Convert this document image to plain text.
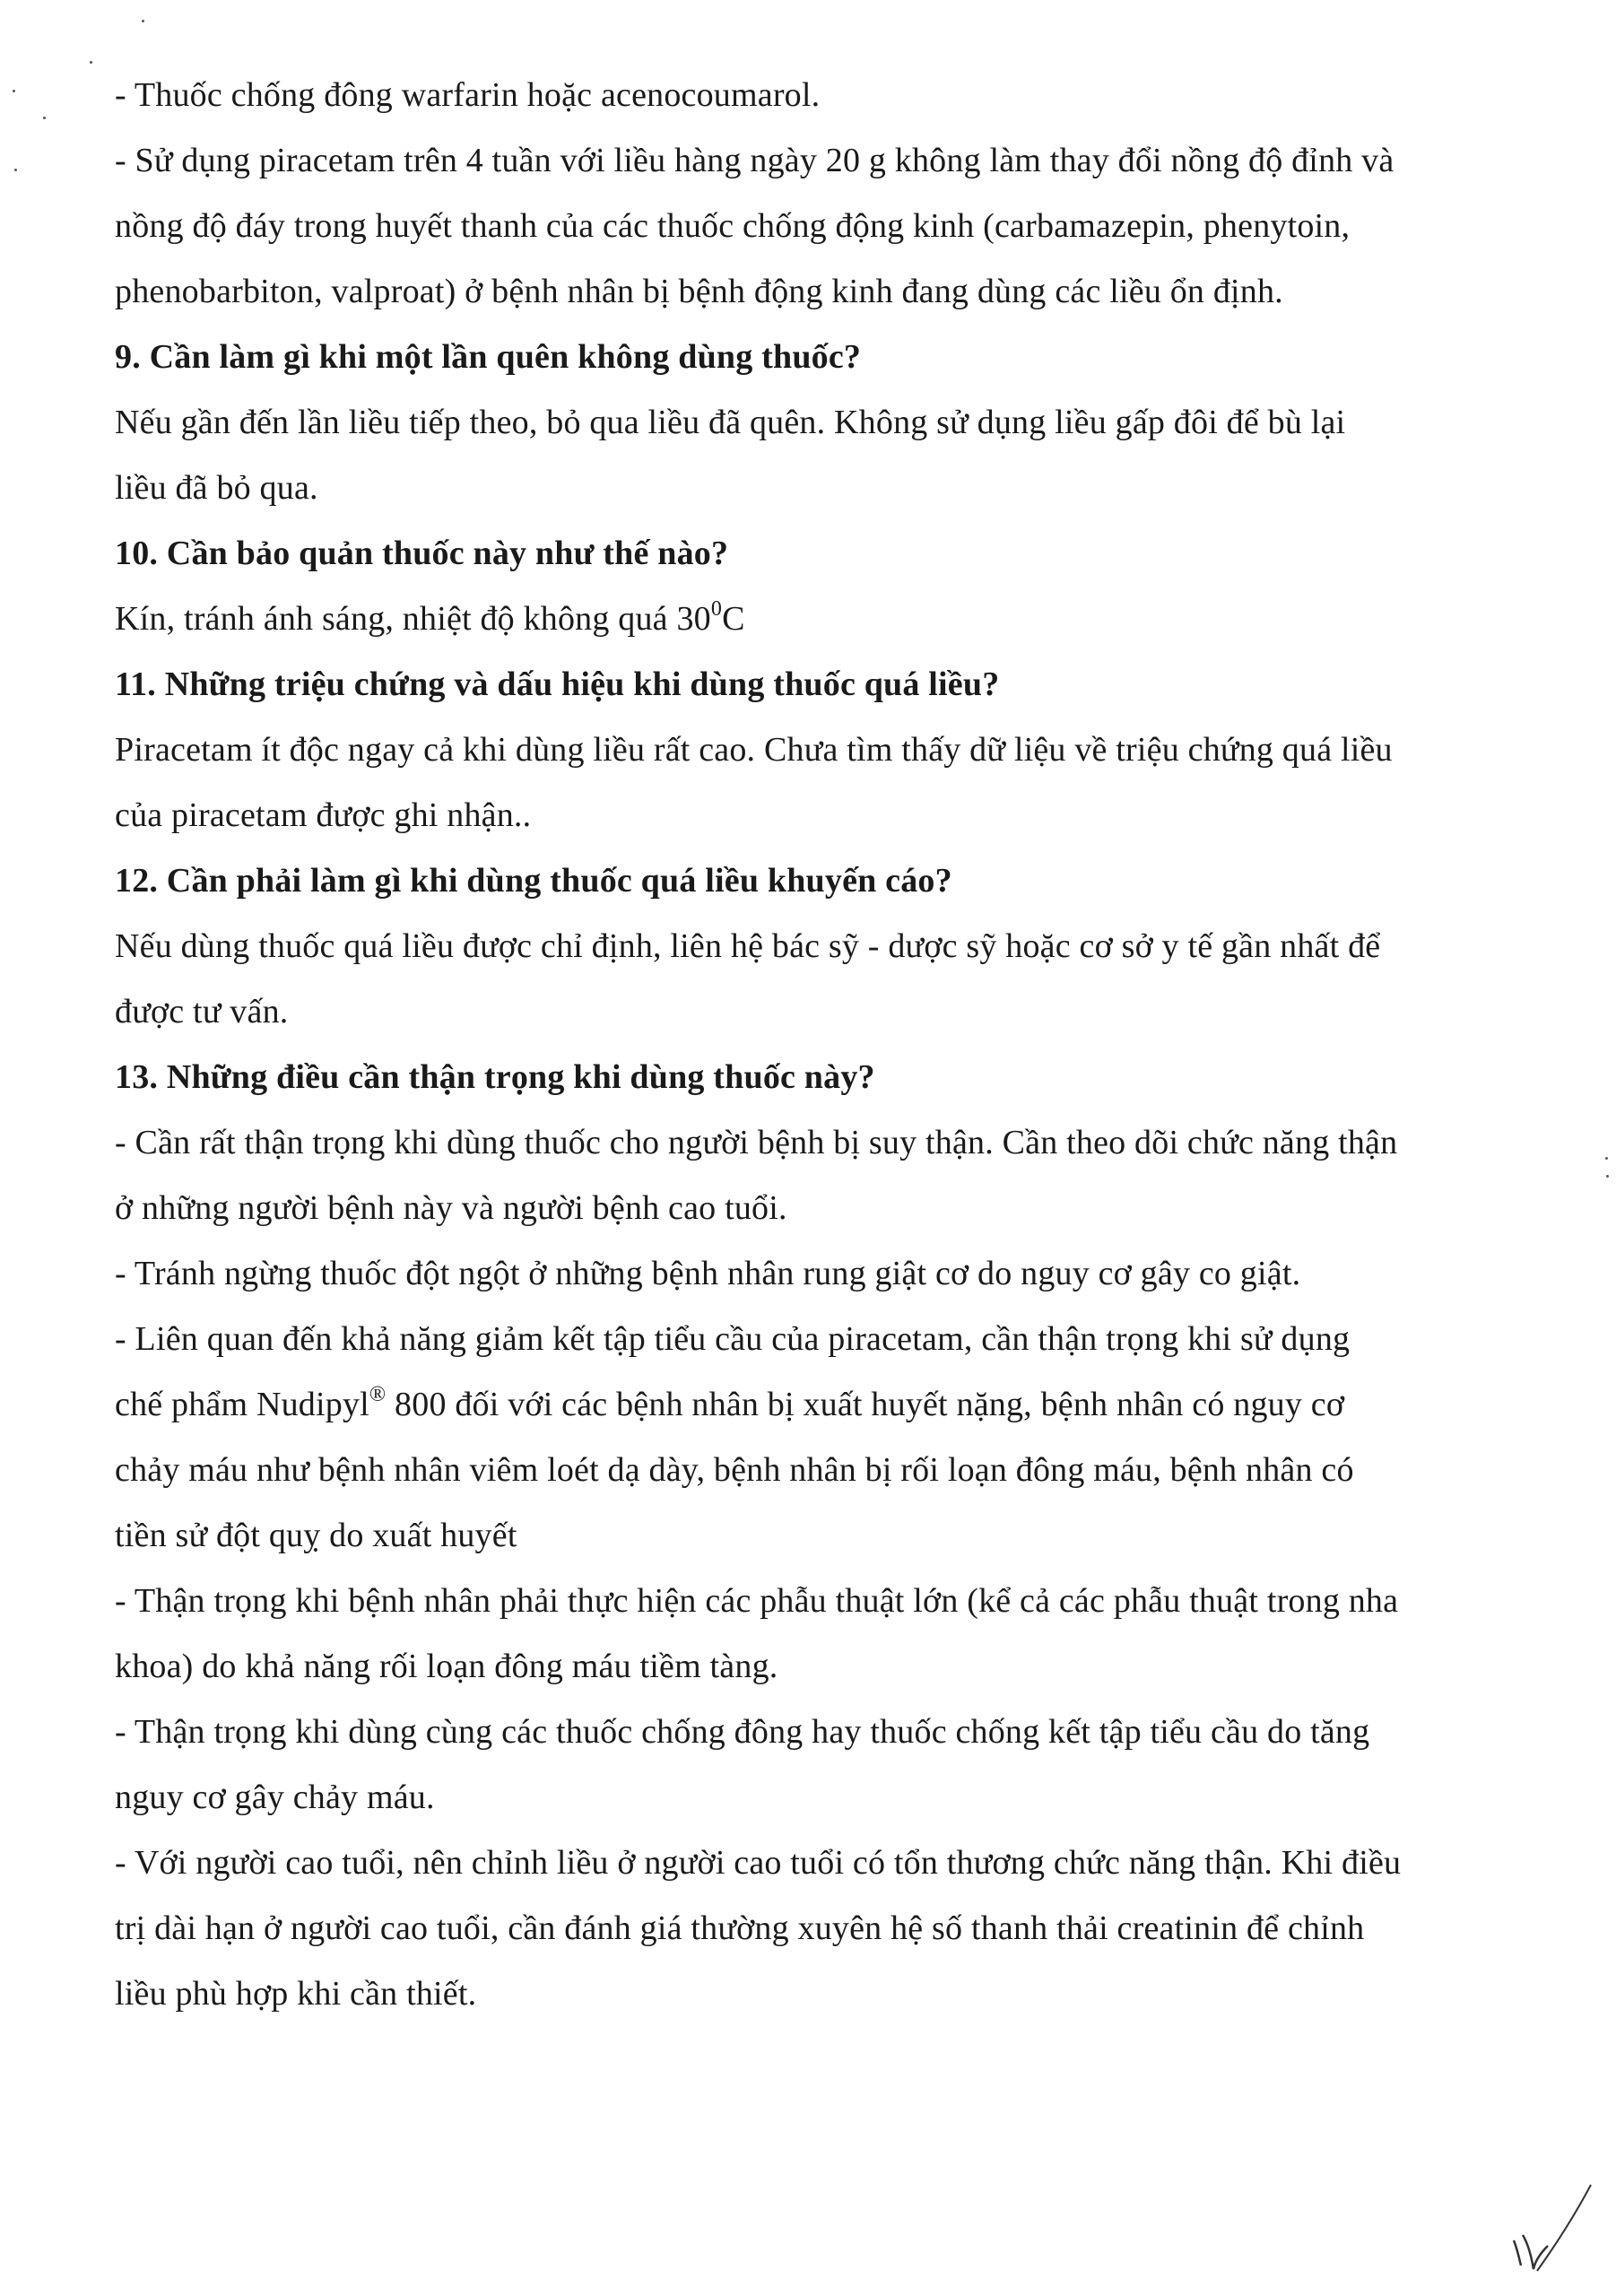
- Thuốc chống đông warfarin hoặc acenocoumarol.
- Sử dụng piracetam trên 4 tuần với liều hàng ngày 20 g không làm thay đổi nồng độ đỉnh và
nồng độ đáy trong huyết thanh của các thuốc chống động kinh (carbamazepin, phenytoin,
phenobarbiton, valproat) ở bệnh nhân bị bệnh động kinh đang dùng các liều ổn định.
9. Cần làm gì khi một lần quên không dùng thuốc?
Nếu gần đến lần liều tiếp theo, bỏ qua liều đã quên. Không sử dụng liều gấp đôi để bù lại
liều đã bỏ qua.
10. Cần bảo quản thuốc này như thế nào?
Kín, tránh ánh sáng, nhiệt độ không quá $30^0C$
11. Những triệu chứng và dấu hiệu khi dùng thuốc quá liều?
Piracetam ít độc ngay cả khi dùng liều rất cao. Chưa tìm thấy dữ liệu về triệu chứng quá liều
của piracetam được ghi nhận..
12. Cần phải làm gì khi dùng thuốc quá liều khuyến cáo?
Nếu dùng thuốc quá liều được chỉ định, liên hệ bác sỹ - dược sỹ hoặc cơ sở y tế gần nhất để
được tư vấn.
13. Những điều cần thận trọng khi dùng thuốc này?
- Cần rất thận trọng khi dùng thuốc cho người bệnh bị suy thận. Cần theo dõi chức năng thận
ở những người bệnh này và người bệnh cao tuổi.
- Tránh ngừng thuốc đột ngột ở những bệnh nhân rung giật cơ do nguy cơ gây co giật.
- Liên quan đến khả năng giảm kết tập tiểu cầu của piracetam, cần thận trọng khi sử dụng
chế phẩm Nudipyl® 800 đối với các bệnh nhân bị xuất huyết nặng, bệnh nhân có nguy cơ
chảy máu như bệnh nhân viêm loét dạ dày, bệnh nhân bị rối loạn đông máu, bệnh nhân có
tiền sử đột quỵ do xuất huyết
- Thận trọng khi bệnh nhân phải thực hiện các phẫu thuật lớn (kể cả các phẫu thuật trong nha
khoa) do khả năng rối loạn đông máu tiềm tàng.
- Thận trọng khi dùng cùng các thuốc chống đông hay thuốc chống kết tập tiểu cầu do tăng
nguy cơ gây chảy máu.
- Với người cao tuổi, nên chỉnh liều ở người cao tuổi có tổn thương chức năng thận. Khi điều
trị dài hạn ở người cao tuổi, cần đánh giá thường xuyên hệ số thanh thải creatinin để chỉnh
liều phù hợp khi cần thiết.
